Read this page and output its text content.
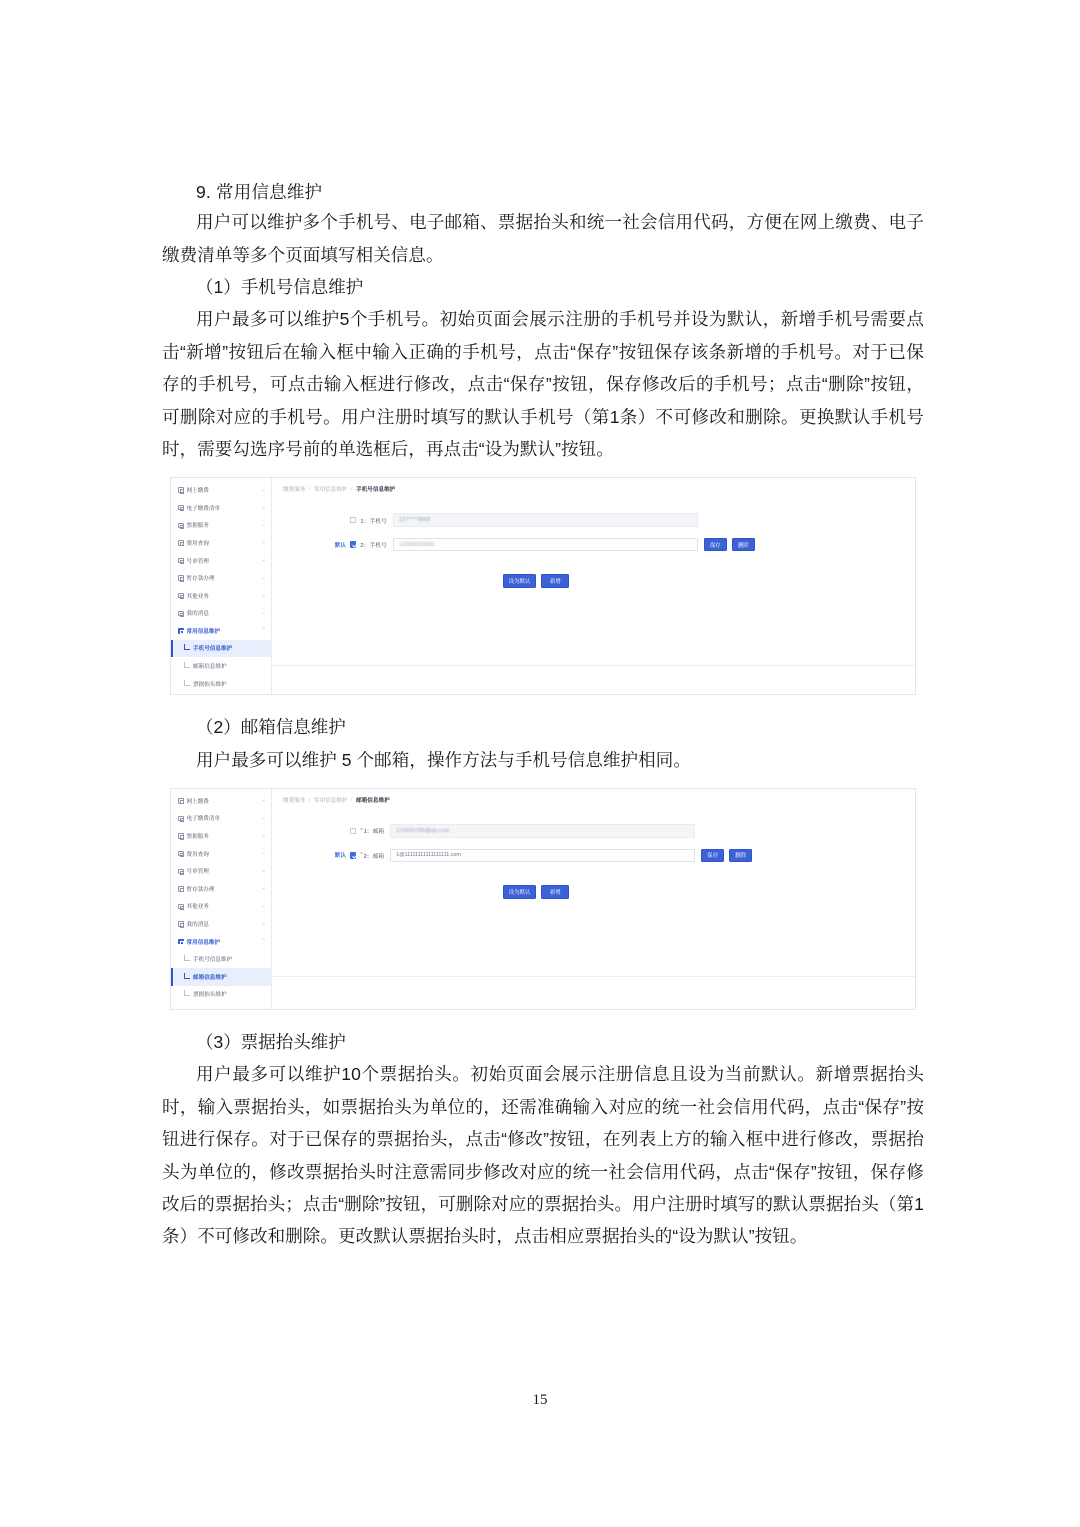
9. 常用信息维护
用户可以维护多个手机号、电子邮箱、票据抬头和统一社会信用代码，方便在网上缴费、电子缴费清单等多个页面填写相关信息。
（1）手机号信息维护
用户最多可以维护5个手机号。初始页面会展示注册的手机号并设为默认，新增手机号需要点击“新增”按钮后在输入框中输入正确的手机号，点击“保存”按钮保存该条新增的手机号。对于已保存的手机号，可点击输入框进行修改，点击“保存”按钮，保存修改后的手机号；点击“删除”按钮，可删除对应的手机号。用户注册时填写的默认手机号（第1条）不可修改和删除。更换默认手机号时，需要勾选序号前的单选框后，再点击“设为默认”按钮。
网上缴费	⌄
电子缴费清单	⌄
票据服务	⌄
费用查询	⌄
号单管理	⌄
暂存款办理	⌄
其他业务	⌄
我的消息	⌄
常用信息维护	⌃
手机号信息维护
邮箱信息维护
票据抬头维护
缴费服务 / 常用信息维护 / 手机号信息维护
1：手机号 137****8888
默认 2：手机号 13300000000	保存	删除
设为默认	新增
（2）邮箱信息维护
用户最多可以维护 5 个邮箱，操作方法与手机号信息维护相同。
网上缴费	⌄
电子缴费清单	⌄
票据服务	⌄
费用查询	⌄
号单管理	⌄
暂存款办理	⌄
其他业务	⌄
我的消息	⌄
常用信息维护	⌃
手机号信息维护
邮箱信息维护
票据抬头维护
缴费服务 / 常用信息维护 / 邮箱信息维护
* 1：邮箱 123456789@qq.com
默认	* 2：邮箱 1@11111111111111111.com	保存	删除
设为默认	新增
（3）票据抬头维护
用户最多可以维护10个票据抬头。初始页面会展示注册信息且设为当前默认。新增票据抬头时，输入票据抬头，如票据抬头为单位的，还需准确输入对应的统一社会信用代码，点击“保存”按钮进行保存。对于已保存的票据抬头，点击“修改”按钮，在列表上方的输入框中进行修改，票据抬头为单位的，修改票据抬头时注意需同步修改对应的统一社会信用代码，点击“保存”按钮，保存修改后的票据抬头；点击“删除”按钮，可删除对应的票据抬头。用户注册时填写的默认票据抬头（第1条）不可修改和删除。更改默认票据抬头时，点击相应票据抬头的“设为默认”按钮。
15
